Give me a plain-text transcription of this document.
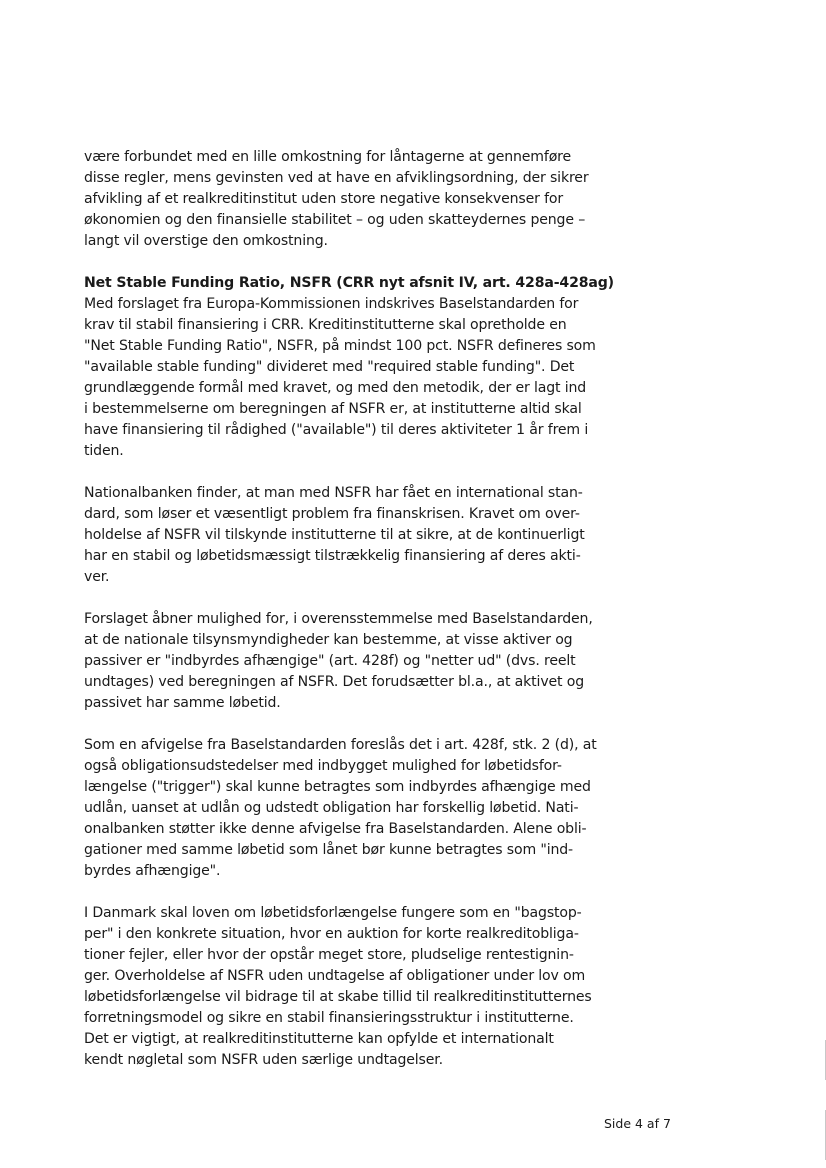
være forbundet med en lille omkostning for låntagerne at gennemføre
disse regler, mens gevinsten ved at have en afviklingsordning, der sikrer
afvikling af et realkreditinstitut uden store negative konsekvenser for
økonomien og den finansielle stabilitet – og uden skatteydernes penge –
langt vil overstige den omkostning.
Net Stable Funding Ratio, NSFR (CRR nyt afsnit IV, art. 428a-428ag)
Med forslaget fra Europa-Kommissionen indskrives Baselstandarden for
krav til stabil finansiering i CRR. Kreditinstitutterne skal opretholde en
"Net Stable Funding Ratio", NSFR, på mindst 100 pct. NSFR defineres som
"available stable funding" divideret med "required stable funding". Det
grundlæggende formål med kravet, og med den metodik, der er lagt ind
i bestemmelserne om beregningen af NSFR er, at institutterne altid skal
have finansiering til rådighed ("available") til deres aktiviteter 1 år frem i
tiden.
Nationalbanken finder, at man med NSFR har fået en international stan-
dard, som løser et væsentligt problem fra finanskrisen. Kravet om over-
holdelse af NSFR vil tilskynde institutterne til at sikre, at de kontinuerligt
har en stabil og løbetidsmæssigt tilstrækkelig finansiering af deres akti-
ver.
Forslaget åbner mulighed for, i overensstemmelse med Baselstandarden,
at de nationale tilsynsmyndigheder kan bestemme, at visse aktiver og
passiver er "indbyrdes afhængige" (art. 428f) og "netter ud" (dvs. reelt
undtages) ved beregningen af NSFR. Det forudsætter bl.a., at aktivet og
passivet har samme løbetid.
Som en afvigelse fra Baselstandarden foreslås det i art. 428f, stk. 2 (d), at
også obligationsudstedelser med indbygget mulighed for løbetidsfor-
længelse ("trigger") skal kunne betragtes som indbyrdes afhængige med
udlån, uanset at udlån og udstedt obligation har forskellig løbetid. Nati-
onalbanken støtter ikke denne afvigelse fra Baselstandarden. Alene obli-
gationer med samme løbetid som lånet bør kunne betragtes som "ind-
byrdes afhængige".
I Danmark skal loven om løbetidsforlængelse fungere som en "bagstop-
per" i den konkrete situation, hvor en auktion for korte realkreditobliga-
tioner fejler, eller hvor der opstår meget store, pludselige rentestignin-
ger. Overholdelse af NSFR uden undtagelse af obligationer under lov om
løbetidsforlængelse vil bidrage til at skabe tillid til realkreditinstitutternes
forretningsmodel og sikre en stabil finansieringsstruktur i institutterne.
Det er vigtigt, at realkreditinstitutterne kan opfylde et internationalt
kendt nøgletal som NSFR uden særlige undtagelser.
Side 4 af 7
